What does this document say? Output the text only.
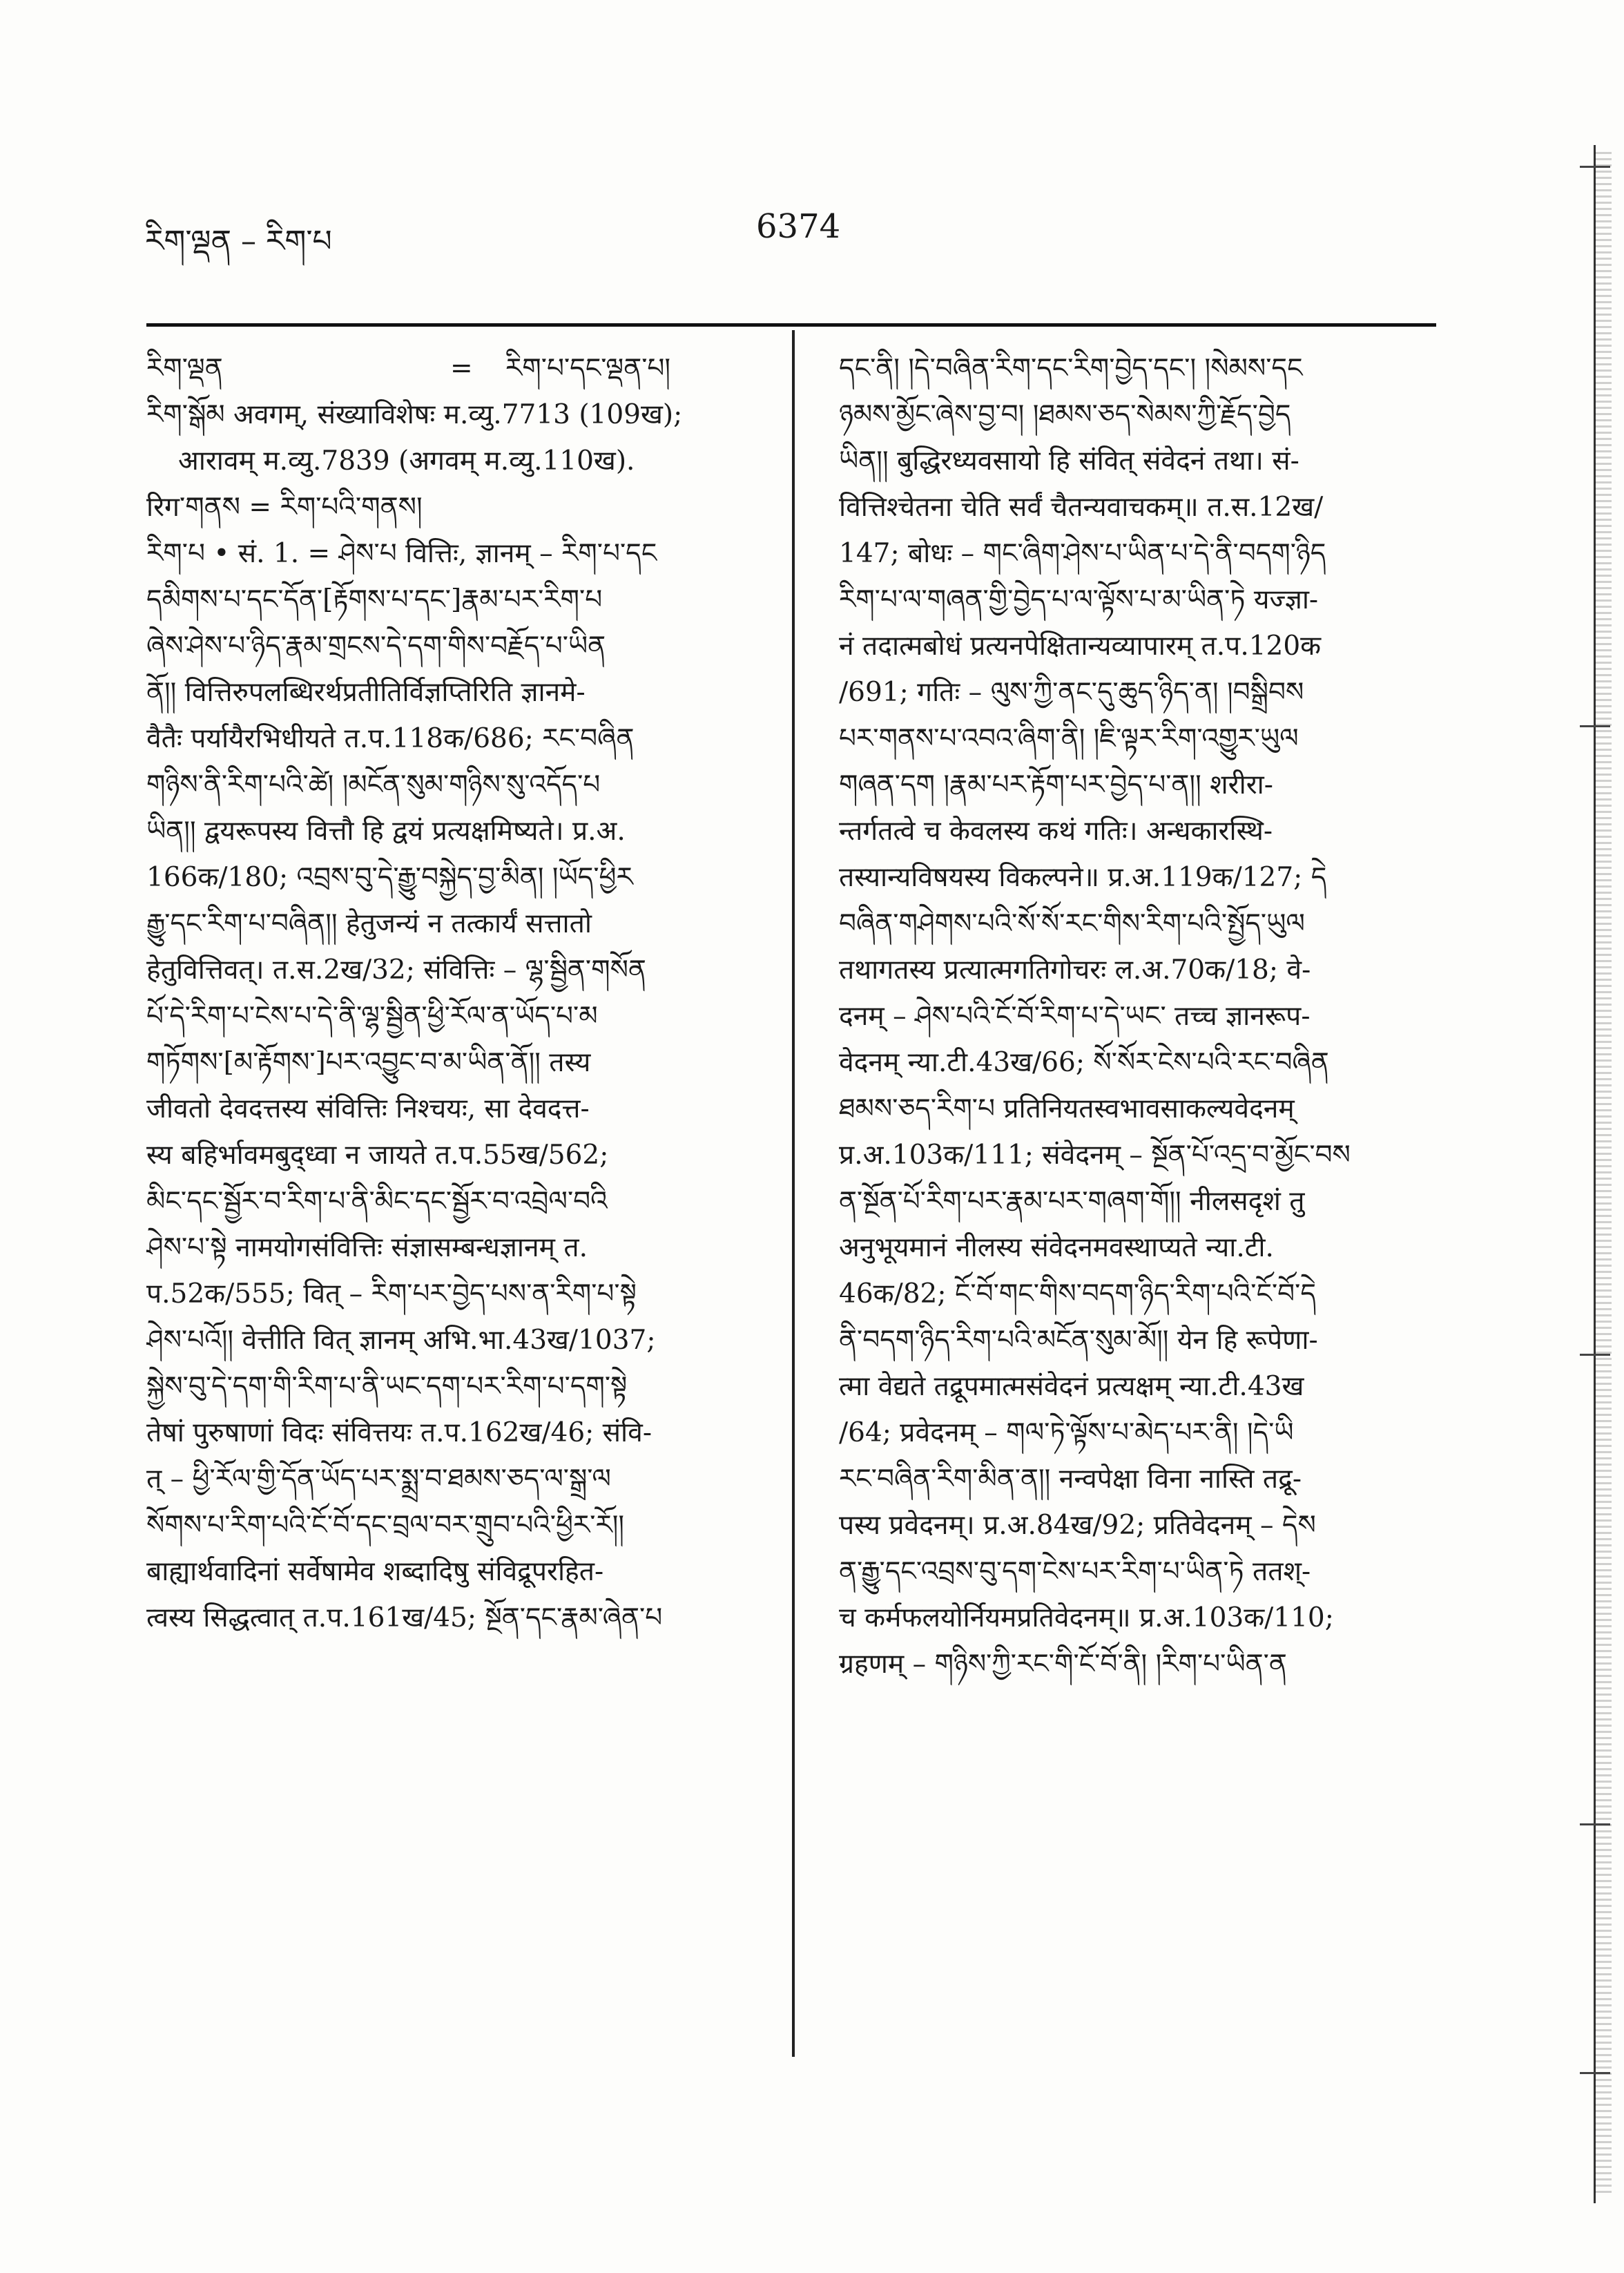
རིག་ལྡན – རིག་པ	6374
རིག་ལྡན	=	རིག་པ་དང་ལྡན་པ།
རིག་སྒོམ अवगम्, संख्याविशेषः म.व्यु.7713 (109ख);
आरावम् म.व्यु.7839 (अगवम् म.व्यु.110ख).
रिग་གནས = རིག་པའི་གནས།
རིག་པ • सं. 1. = ཤེས་པ वित्तिः, ज्ञानम् – རིག་པ་དང
དམིགས་པ་དང་དོན་[རྟོགས་པ་དང་]རྣམ་པར་རིག་པ
ཞེས་ཤེས་པ་ཉིད་རྣམ་གྲངས་དེ་དག་གིས་བརྗོད་པ་ཡིན
ནོ།། वित्तिरुपलब्धिरर्थप्रतीतिर्विज्ञप्तिरिति ज्ञानमे-
वैतैः पर्यायैरभिधीयते त.प.118क/686; རང་བཞིན
གཉིས་ནི་རིག་པའི་ཚེ། །མངོན་སུམ་གཉིས་སུ་འདོད་པ
ཡིན།། द्वयरूपस्य वित्तौ हि द्वयं प्रत्यक्षमिष्यते। प्र.अ.
166क/180; འབྲས་བུ་དེ་རྒྱུ་བསྐྱེད་བྱ་མིན། །ཡོད་ཕྱིར
རྒྱུ་དང་རིག་པ་བཞིན།། हेतुजन्यं न तत्कार्यं सत्तातो
हेतुवित्तिवत्। त.स.2ख/32; संवित्तिः – ལྷ་སྦྱིན་གསོན
པོ་དེ་རིག་པ་ངེས་པ་དེ་ནི་ལྷ་སྦྱིན་ཕྱི་རོལ་ན་ཡོད་པ་མ
གཏོགས་[མ་རྟོགས་]པར་འབྱུང་བ་མ་ཡིན་ནོ།། तस्य
जीवतो देवदत्तस्य संवित्तिः निश्चयः, सा देवदत्त-
स्य बहिर्भावमबुद्ध्वा न जायते त.प.55ख/562;
མིང་དང་སྦྱོར་བ་རིག་པ་ནི་མིང་དང་སྦྱོར་བ་འབྲེལ་བའི
ཤེས་པ་སྟེ नामयोगसंवित्तिः संज्ञासम्बन्धज्ञानम् त.
प.52क/555; वित् – རིག་པར་བྱེད་པས་ན་རིག་པ་སྟེ
ཤེས་པའོ།། वेत्तीति वित् ज्ञानम् अभि.भा.43ख/1037;
སྐྱེས་བུ་དེ་དག་གི་རིག་པ་ནི་ཡང་དག་པར་རིག་པ་དག་སྟེ
तेषां पुरुषाणां विदः संवित्तयः त.प.162ख/46; संवि-
त् – ཕྱི་རོལ་གྱི་དོན་ཡོད་པར་སྨྲ་བ་ཐམས་ཅད་ལ་སྒྲ་ལ
སོགས་པ་རིག་པའི་ངོ་བོ་དང་བྲལ་བར་གྲུབ་པའི་ཕྱིར་རོ།།
बाह्यार्थवादिनां सर्वेषामेव शब्दादिषु संविद्रूपरहित-
त्वस्य सिद्धत्वात् त.प.161ख/45; སྔོན་དང་རྣམ་ཞེན་པ
དང་ནི། །དེ་བཞིན་རིག་དང་རིག་བྱེད་དང་། །སེམས་དང
ཉམས་མྱོང་ཞེས་བྱ་བ། །ཐམས་ཅད་སེམས་ཀྱི་རྗོད་བྱེད
ཡིན།། बुद्धिरध्यवसायो हि संवित् संवेदनं तथा। सं-
वित्तिश्चेतना चेति सर्वं चैतन्यवाचकम्॥ त.स.12ख/
147; बोधः – གང་ཞིག་ཤེས་པ་ཡིན་པ་དེ་ནི་བདག་ཉིད
རིག་པ་ལ་གཞན་གྱི་བྱེད་པ་ལ་ལྟོས་པ་མ་ཡིན་ཏེ यज्ज्ञा-
नं तदात्मबोधं प्रत्यनपेक्षितान्यव्यापारम् त.प.120क
/691; गतिः – ལུས་ཀྱི་ནང་དུ་ཆུད་ཉིད་ན། །བསྒྲིབས
པར་གནས་པ་འབའ་ཞིག་ནི། །ཇི་ལྟར་རིག་འགྱུར་ཡུལ
གཞན་དག །རྣམ་པར་རྟོག་པར་བྱེད་པ་ན།། शरीरा-
न्तर्गतत्वे च केवलस्य कथं गतिः। अन्धकारस्थि-
तस्यान्यविषयस्य विकल्पने॥ प्र.अ.119क/127; དེ
བཞིན་གཤེགས་པའི་སོ་སོ་རང་གིས་རིག་པའི་སྤྱོད་ཡུལ
तथागतस्य प्रत्यात्मगतिगोचरः ल.अ.70क/18; वे-
दनम् – ཤེས་པའི་ངོ་བོ་རིག་པ་དེ་ཡང་ तच्च ज्ञानरूप-
वेदनम् न्या.टी.43ख/66; སོ་སོར་ངེས་པའི་རང་བཞིན
ཐམས་ཅད་རིག་པ प्रतिनियतस्वभावसाकल्यवेदनम्
प्र.अ.103क/111; संवेदनम् – སྔོན་པོ་འདྲ་བ་མྱོང་བས
ན་སྔོན་པོ་རིག་པར་རྣམ་པར་གཞག་གོ།། नीलसदृशं तु
अनुभूयमानं नीलस्य संवेदनमवस्थाप्यते न्या.टी.
46क/82; ངོ་བོ་གང་གིས་བདག་ཉིད་རིག་པའི་ངོ་བོ་དེ
ནི་བདག་ཉིད་རིག་པའི་མངོན་སུམ་མོ།། येन हि रूपेणा-
त्मा वेद्यते तद्रूपमात्मसंवेदनं प्रत्यक्षम् न्या.टी.43ख
/64; प्रवेदनम् – གལ་ཏེ་ལྟོས་པ་མེད་པར་ནི། །དེ་ཡི
རང་བཞིན་རིག་མིན་ན།། नन्वपेक्षा विना नास्ति तद्रू-
पस्य प्रवेदनम्। प्र.अ.84ख/92; प्रतिवेदनम् – དེས
ན་རྒྱུ་དང་འབྲས་བུ་དག་ངེས་པར་རིག་པ་ཡིན་ཏེ ततश्-
च कर्मफलयोर्नियमप्रतिवेदनम्॥ प्र.अ.103क/110;
ग्रहणम् – གཉིས་ཀྱི་རང་གི་ངོ་བོ་ནི། །རིག་པ་ཡིན་ན
